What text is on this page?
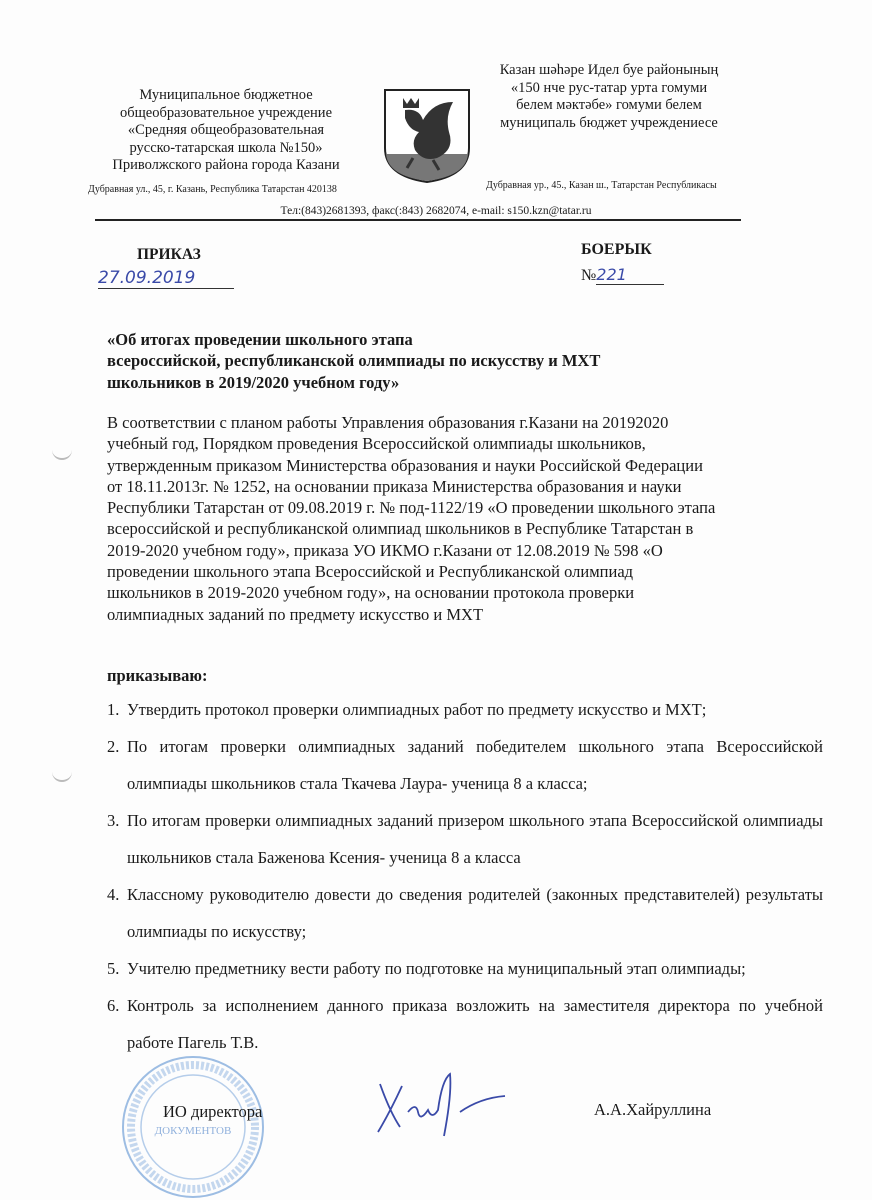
Муниципальное бюджетное
общеобразовательное учреждение
«Средняя общеобразовательная
русско-татарская школа №150»
Приволжского района города Казани
Дубравная ул., 45, г. Казань, Республика Татарстан 420138
Казан шәһәре Идел буе районының
«150 нче рус-татар урта гомуми
белем мәктәбе» гомуми белем
муниципаль бюджет учреждениесе
Дубравная ур., 45., Казан ш., Татарстан Республикасы
Тел:(843)2681393, факс(:843) 2682074, e-mail: s150.kzn@tatar.ru
ПРИКАЗ
27.09.2019
БОЕРЫК
№221
«Об итогах проведении школьного этапа
всероссийской, республиканской олимпиады по искусству и МХТ
школьников в 2019/2020 учебном году»
В соответствии с планом работы Управления образования г.Казани на 20192020
учебный год, Порядком проведения Всероссийской олимпиады школьников,
утвержденным приказом Министерства образования и науки Российской Федерации
от 18.11.2013г. № 1252, на основании приказа Министерства образования и науки
Республики Татарстан от 09.08.2019 г. № под-1122/19 «О проведении школьного этапа
всероссийской и республиканской олимпиад школьников в Республике Татарстан в
2019-2020 учебном году», приказа УО ИКМО г.Казани от 12.08.2019 № 598 «О
проведении школьного этапа Всероссийской и Республиканской олимпиад
школьников в 2019-2020 учебном году», на основании протокола проверки
олимпиадных заданий по предмету искусство и МХТ
приказываю:
1. Утвердить протокол проверки олимпиадных работ по предмету искусство и МХТ;
2. По итогам проверки олимпиадных заданий победителем школьного этапа Всероссийской олимпиады школьников стала Ткачева Лаура- ученица 8 а класса;
3. По итогам проверки олимпиадных заданий призером школьного этапа Всероссийской олимпиады школьников стала Баженова Ксения- ученица 8 а класса
4. Классному руководителю довести до сведения родителей (законных представителей) результаты олимпиады по искусству;
5. Учителю предметнику вести работу по подготовке на муниципальный этап олимпиады;
6. Контроль за исполнением данного приказа возложить на заместителя директора по учебной работе Пагель Т.В.
ДОКУМЕНТОВ
ИО директора	А.А.Хайруллина
